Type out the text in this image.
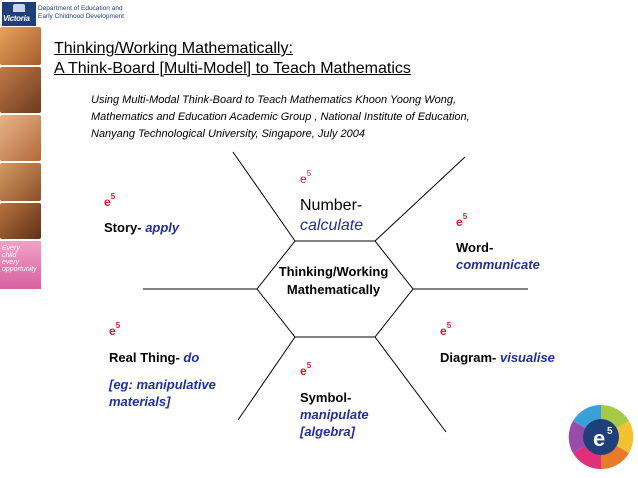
Victoria
Department of Education and
Early Childhood Development
Every
child
every
opportunity
Thinking/Working Mathematically:
A Think-Board [Multi-Model] to Teach Mathematics
Using Multi-Modal Think-Board to Teach Mathematics Khoon Yoong Wong,
Mathematics and Education Academic Group , National Institute of Education,
Nanyang Technological University, Singapore, July 2004
Thinking/Working
Mathematically
$e^5$
$e^5$
$e^5$
$e^5$
$e^5$
$e^5$
Story- apply
Number-
calculate
Word-
communicate
Real Thing- do
[eg: manipulative
materials]	Symbol-
manipulate
[algebra]
Diagram- visualise
e 5
